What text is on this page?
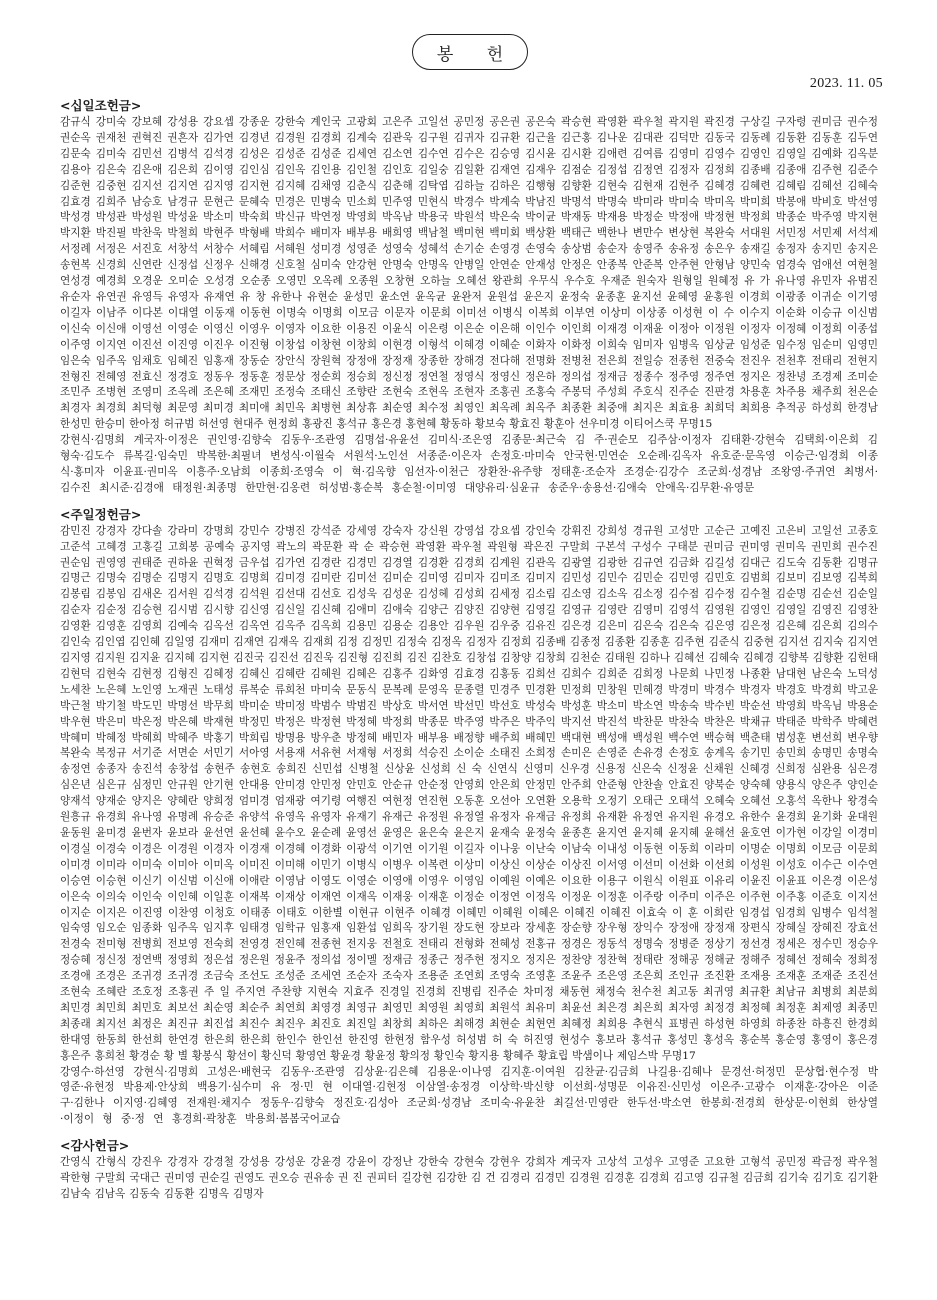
봉 헌
2023. 11. 05
<십일조헌금>
감규식 강미숙 강보혜 강성용 강요셉 강종운 강한숙 계인국 고광회 고은주 고일선 공민정 공은권 공은숙 곽승현 곽영환 곽우철 곽지원 곽진경 구상길 구자령 권미금 권수정 권순옥 권재천 권혁진 권흔자 김가연 김경년 김경원 김경희 김계숙 김관욱 김구원 김귀자 김규환 김근율 김근홍 김나운 김대관 김덕만 김동국 김동례 김동환 김동훈 김두연 김문숙 김미숙 김민선 김병석 김석경 김성은 김성준 김성준 김세연 김소연 김수연 김수은 김승영 김시윤 김시환 김애련 김여름 김영미 김영수 김영인 김영일 김예화 김옥분 김용아 김은숙 김은애 김은희 김이영 김인심 김인옥 김인용 김인철 김인호 김일숭 김일환 김재연 김재우 김점순 김정섭 김정연 김정자 김정희 김종배 김종애 김주현 김준수 김준현 김중현 김지선 김지연 김지영 김지현 김지혜 김채영 김춘식 김춘해 김탁엽 김하늘 김하은 김행형 김향환 김현숙 김현재 김현주 김혜경 김혜련 김혜림 김혜선 김혜숙 김효경 김희주 남승호 남경규 문현근 문혜숙 민경은 민병숙 민소희 민주영 민현식 박경수 박계숙 박남진 박명석 박명숙 박미라 박미숙 박미옥 박미희 박봉애 박비호 박선영 박성경 박성관 박성원 박성윤 박소미 박숙희 박신규 박연정 박영희 박옥남 박용국 박원석 박은숙 박이균 박재동 박재용 박정순 박정애 박정현 박정희 박종순 박주영 박지현 박지환 박진필 박찬욱 박철희 박현주 박형배 박희수 배미자 배부용 배희영 백남철 백미현 백미회 백상환 백태근 백한나 변만수 변상현 복완숙 서대원 서민정 서민제 서석제 서정례 서정은 서진호 서창석 서창수 서혜림 서혜원 성미경 성영준 성영숙 성혜석 손기순 손영경 손영숙 송상범 송순자 송영주 송유정 송은우 송재길 송정자 송지민 송지은 송현복 신경희 신연란 신정섭 신정우 신해경 신호철 심미숙 안강현 안명숙 안명옥 안병일 안연순 안재성 안정은 안종복 안준복 안주현 안형남 양민숙 엄경숙 엄애선 여현철 연성경 예경희 오경운 오미순 오성경 오순종 오영민 오옥례 오종원 오창현 오하늘 오혜선 왕관희 우무식 우수호 우재준 원숙자 원형일 원혜정 유 가 유나영 유민자 유범진 유순자 유연권 유영득 유영자 유재연 유 창 유한나 유현순 윤성민 윤소연 윤옥균 윤완저 윤원섭 윤은지 윤정숙 윤종훈 윤지선 윤혜영 윤홍원 이경희 이광종 이귀순 이기영 이길자 이남주 이다본 이대열 이동재 이동현 이명숙 이명희 이모금 이문자 이문희 이미선 이병식 이복희 이부연 이상미 이상종 이성현 이 수 이수지 이순화 이승규 이신범 이신숙 이신애 이영선 이영순 이영신 이영우 이영자 이요한 이용진 이윤식 이은령 이은순 이은해 이인수 이인희 이재경 이재윤 이정아 이정원 이정자 이정혜 이정희 이종섭 이주영 이지연 이진선 이진영 이진우 이진형 이창섭 이창현 이창희 이현경 이형석 이혜경 이혜순 이화자 이화정 이희숙 임미자 임병옥 임상균 임성준 임수정 임순미 임영민 임은숙 임주옥 임채호 임혜진 임홍재 장동순 장안식 장원혁 장정애 장정재 장종한 장해경 전다해 전명화 전병천 전은희 전일승 전종헌 전중숙 전진우 전천후 전태리 전현지 전형진 전혜영 전효신 정경호 정동우 정동훈 정문상 정순희 정승희 정신정 정연철 정영식 정영신 정은하 정의섭 정재금 정종수 정주영 정주연 정지은 정찬녕 조경제 조미순 조민주 조병현 조영미 조옥례 조은혜 조재민 조정숙 조태신 조향란 조현숙 조현옥 조현자 조홍권 조홍숙 주봉덕 주성희 주호식 진주순 진판경 차용훈 차주용 채주희 천은순 최경자 최경희 최덕형 최문영 최미경 최미애 최민옥 최병현 최상휴 최순영 최수정 최영인 최옥례 최옥주 최종환 최중애 최지은 최효용 최희덕 최희용 추적공 하성희 한경남 한성민 한승미 한아정 허규범 허선영 현대주 현정희 홍광진 홍석규 홍은경 홍현혜 황동하 황보숙 황효진 황훈아 선우미경 이티어스쿡 무명15
강현식·김명희 계국자·이정은 권인영·김향숙 김동우·조관영 김명섭·유윤선 김미식·조은영 김종문·최근숙 김 주·권순모 김주삼·이정자 김태환·강현숙 김택희·이은희 김형숙·김도수 류복길·임숙민 박복한·최필녀 변성식·이월숙 서원석·노인선 서종준·이은자 손정호·마미숙 안국현·민연순 오순례·김옥자 유호준·문옥영 이승근·임경희 이종식·홍미자 이윤표·권미옥 이흥주·오남희 이종희·조영숙 이 혁·김옥향 임선자·이천근 장환찬·유주향 정태훈·조순자 조경순·김강수 조군희·성경남 조왕영·주귀연 최병서·김수진 최시준·김경애 태정원·최종명 한만현·김옹련 허성범·홍순복 홍순철·이미영 대양유리·심윤규 송준우·송용선·김애숙 안애옥·김무환·유영문
<주일정헌금>
감민진 강경자 강다솔 강라미 강명희 강민수 강병진 강석준 강세영 강숙자 강신원 강영섭 강요셉 강인숙 강휘진 강희성 경규원 고성만 고순근 고예진 고은비 고일선 고종호 고준석 고혜경 고홍길 고희봉 공예숙 공지영 곽노의 곽문환 곽 순 곽승현 곽영환 곽우철 곽원형 곽은진 구말희 구본석 구성수 구태분 권미금 권미영 권미옥 권민희 권수진 권순임 권영영 권태준 권하윤 권혁정 금우섭 김가연 김경란 김경민 김경열 김경환 김경희 김계원 김관옥 김광열 김광한 김규연 김금화 김길성 김대근 김도숙 김동환 김명규 김명근 김명숙 김명순 김명지 김명호 김명희 김미경 김미란 김미선 김미순 김미영 김미자 김미조 김미지 김민성 김민수 김민순 김민영 김민호 김범희 김보미 김보영 김복희 김봉림 김봉임 김새온 김서원 김석경 김석원 김선대 김선호 김성욱 김성운 김성헤 김성희 김세정 김소림 김소영 김소옥 김소정 김수점 김수정 김수철 김순명 김순선 김순일 김순자 김순정 김승현 김시범 김시향 김신영 김신일 김신혜 김애미 김애숙 김양근 김양진 김양현 김영길 김영규 김영란 김영미 김영석 김영원 김영인 김영일 김영진 김영찬 김영환 김영훈 김영희 김예숙 김옥선 김옥연 김옥주 김옥희 김용민 김용순 김용안 김우원 김우중 김유진 김은경 김은미 김은숙 김은숙 김은영 김은정 김은혜 김은희 김의수 김인숙 김인엽 김인혜 김일영 김재미 김재연 김재옥 김재희 김정 김정민 김정숙 김정옥 김정자 김정희 김종배 김종정 김종환 김종훈 김주현 김준식 김중현 김지선 김지숙 김지연 김지영 김지원 김지윤 김지혜 김지현 김진국 김진선 김진욱 김진형 김진희 김진 김찬호 김창섭 김창양 김창희 김천순 김태원 김하나 김혜선 김혜숙 김혜경 김향복 김향환 김헌태 김현덕 김현숙 김현정 김형진 김혜정 김혜신 김혜란 김혜원 김혜은 김홍주 김화영 김효경 김홍동 김희선 김희수 김희준 김희정 나문희 나민정 나종환 남대현 남은숙 노덕성 노세찬 노은혜 노인영 노재권 노태성 류복순 류희천 마미숙 문동식 문복례 문영옥 문종렬 민경주 민경환 민정희 민창원 민혜경 박경미 박경수 박경자 박경호 박경희 박고운 박근철 박기철 박도민 박명선 박무희 박미순 박미정 박범수 박범진 박상호 박서연 박선민 박선호 박성숙 박성훈 박소미 박소연 박송숙 박수빈 박순선 박영희 박옥님 박용순 박우현 박은미 박은정 박은혜 박재현 박정민 박정은 박정현 박정혜 박정희 박종문 박주영 박주은 박주익 박지선 박진석 박찬문 박찬숙 박찬은 박채규 박태준 박학주 박혜련 박혜미 박혜정 박혜희 박혜주 박홍기 박희림 방명용 방우춘 방정혜 배민자 배부용 배정향 배주희 배혜민 백대현 백성애 백성원 백수연 백승혁 백춘태 범성훈 변선희 변우향 복완숙 복정규 서기준 서면순 서민기 서아영 서용재 서유현 서재형 서정희 석승진 소이순 소태진 소희정 손미은 손영준 손유경 손정호 송계옥 송기민 송민희 송명민 송명숙 송정연 송종자 송진석 송창섭 송현주 송현호 송희진 신민섭 신병철 신상윤 신성희 신 숙 신연식 신영미 신우경 신용정 신은숙 신정윤 신채원 신혜경 신희정 심완용 심은경 심은년 심은규 심정민 안규원 안기현 안대용 안미경 안민정 안민호 안순규 안순정 안영희 안은희 안정민 안주희 안준형 안찬솔 안효진 양북순 양숙혜 양용식 양은주 양인순 양재석 양재순 양지은 양혜란 양희정 엄미경 엄재광 여기령 여행진 여현정 연진현 오동훈 오선아 오연환 오용학 오정기 오태근 오태석 오혜숙 오혜선 오홍석 옥한나 왕경숙 원흥규 유경희 유나영 유명례 유승준 유양석 유영옥 유영자 유재기 유재근 유정원 유정열 유정자 유재금 유정희 유재환 유정연 유지원 유경오 유한수 윤경희 윤기화 윤대원 윤동원 윤미경 윤번자 윤보라 윤선연 윤선혜 윤수오 윤순례 윤영선 윤영은 윤은숙 윤은지 윤재숙 윤정숙 윤종흔 윤지연 윤지혜 윤지혜 윤해선 윤호연 이가현 이강일 이경미 이경실 이경숙 이경은 이경원 이경자 이경재 이경혜 이경화 이광석 이기연 이기원 이길자 이나웅 이난숙 이남숙 이내성 이동현 이동희 이라미 이명순 이명희 이모금 이문희 이미경 이미라 이미숙 이미아 이미옥 이미진 이미해 이민기 이병식 이병우 이복련 이상미 이상신 이상순 이상진 이서영 이선미 이선화 이선희 이성원 이성호 이수근 이수연 이승연 이승현 이신기 이신범 이신애 이애란 이영남 이영도 이영순 이영애 이영우 이영임 이예원 이예은 이요한 이용구 이원식 이원표 이유리 이윤진 이윤표 이은경 이은성 이은숙 이의숙 이인숙 이인혜 이일훈 이재복 이재상 이재연 이재옥 이재웅 이재훈 이정순 이정연 이정옥 이정운 이정훈 이주랑 이주미 이주은 이주현 이주홍 이준호 이지선 이지순 이지은 이진영 이찬영 이청호 이태종 이태호 이한별 이현규 이현주 이혜경 이혜민 이혜원 이혜은 이혜진 이혜진 이효숙 이 훈 이희란 임경섭 임경희 임병수 임석철 임숙영 임오순 임종화 임주옥 임지후 임태경 임학규 임홍재 임환섭 임희옥 장기원 장도현 장보라 장세훈 장순향 장우형 장익수 장정애 장정재 장편식 장혜실 장혜진 장효선 전경숙 전미형 전병희 전보영 전숙희 전영경 전인혜 전종현 전지웅 전철호 전태리 전형화 전혜성 전홍규 정경은 정동석 정명숙 정병준 정상기 정선경 정세은 정수민 정승우 정승혜 정신정 정연백 정영희 정은섭 정은원 정윤주 정의섭 정이멜 정재금 정종근 정주현 정지오 정지은 정찬양 정찬혁 정태란 정해공 정해균 정해주 정혜선 정혜숙 정희정 조경애 조경은 조귀경 조귀경 조금숙 조선도 조성준 조세연 조순자 조숙자 조용준 조연희 조영숙 조영훈 조윤주 조은영 조은희 조인규 조진환 조재용 조재훈 조재준 조진선 조현숙 조혜란 조호정 조홍권 주 일 주지연 주찬향 지현숙 지효주 진경일 진경희 진병림 진주순 차미정 채동현 채정숙 천수천 최고동 최귀영 최규환 최남규 최병희 최분희 최민경 최민희 최민호 최보선 최순영 최순주 최연희 최영경 최영규 최영민 최영원 최영희 최원석 최유미 최윤선 최은경 최은희 최자영 최정경 최정혜 최정훈 최제영 최종민 최종래 최지선 최정은 최진규 최진섭 최진수 최진우 최진호 최진일 최창희 최하은 최해경 최현순 최현연 최혜정 최희용 추현식 표병권 하성현 하영희 하종찬 하흥진 한경희 한대영 한동희 한선희 한연경 한은희 한은희 한인수 한인선 한진영 한현정 함우성 허성범 허 숙 허진영 현성수 홍보라 홍석규 홍성민 홍성옥 홍순복 홍순영 홍영이 홍은경 홍은주 홍희천 황경순 황 별 황봉식 황선이 황신덕 황영연 황윤경 황윤정 황의정 황인숙 황지용 황혜주 황효립 박샘이나 제임스박 무명17
강영수·하선영 강현식·김명희 고성은·배현국 김동우·조관영 김상윤·김은혜 김용운·이나영 김지훈·이여원 김찬균·김금희 나길용·김혜나 문경선·허정민 문상협·현수정 박영준·유현정 박용제·안상희 백용기·심수미 유 정·민 현 이대열·김현정 이삼열·송정경 이상학·박신향 이선희·성명문 이유진·신민성 이은주·고광수 이재훈·강아은 이준구·김한나 이지영·김혜영 전재원·채지수 정동우·김향숙 정진호·김성아 조군희·성경남 조미숙·유윤찬 최길선·민영란 한두선·박소연 한봉희·전경희 한상문·이현희 한상열·이정이 형 중·정 연 홍경희·곽창훈 박용희·봄봄국어교습
<감사헌금>
간영식 간형식 강진우 강경자 강경철 강성용 강성운 강윤경 강윤이 강정난 강한숙 강현숙 강현우 강희자 계국자 고상석 고성우 고영준 고요한 고형석 공민정 곽금정 곽우철 곽한형 구말희 국대근 권미영 권순길 권영도 권오승 권유송 권 진 권피터 길강현 김강한 김 건 김경리 김경민 김경원 김경훈 김경희 김고영 김규철 김금희 김기숙 김기호 김기환 김남숙 김남옥 김동숙 김동환 김명옥 김명자
